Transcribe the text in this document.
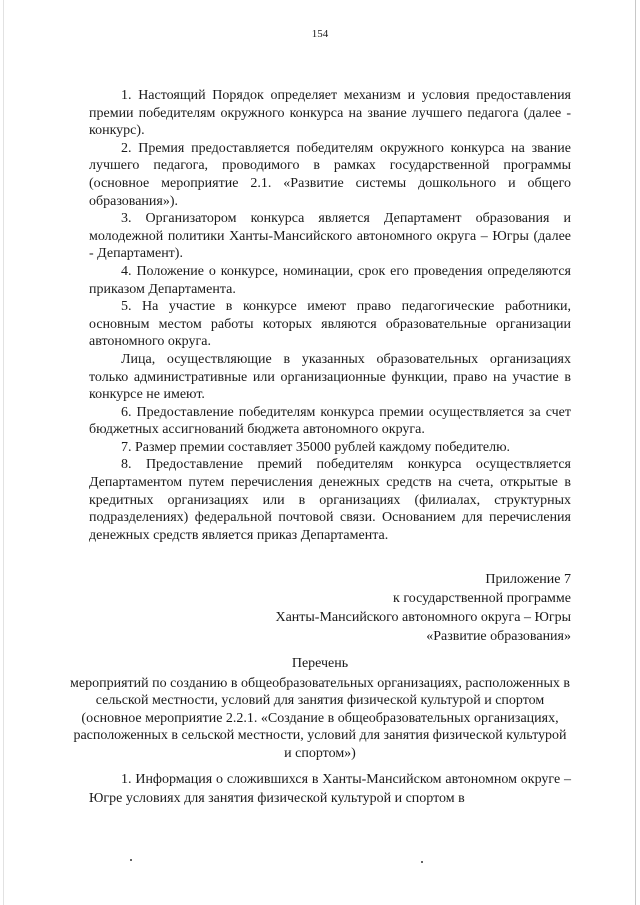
154

1. Настоящий Порядок определяет механизм и условия предоставления премии победителям окружного конкурса на звание лучшего педагога (далее - конкурс).

2. Премия предоставляется победителям окружного конкурса на звание лучшего педагога, проводимого в рамках государственной программы (основное мероприятие 2.1. «Развитие системы дошкольного и общего образования»).

3. Организатором конкурса является Департамент образования и молодежной политики Ханты-Мансийского автономного округа – Югры (далее - Департамент).

4. Положение о конкурсе, номинации, срок его проведения определяются приказом Департамента.

5. На участие в конкурсе имеют право педагогические работники, основным местом работы которых являются образовательные организации автономного округа.

Лица, осуществляющие в указанных образовательных организациях только административные или организационные функции, право на участие в конкурсе не имеют.

6. Предоставление победителям конкурса премии осуществляется за счет бюджетных ассигнований бюджета автономного округа.

7. Размер премии составляет 35000 рублей каждому победителю.

8. Предоставление премий победителям конкурса осуществляется Департаментом путем перечисления денежных средств на счета, открытые в кредитных организациях или в организациях (филиалах, структурных подразделениях) федеральной почтовой связи. Основанием для перечисления денежных средств является приказ Департамента.

Приложение 7
к государственной программе
Ханты-Мансийского автономного округа – Югры
«Развитие образования»
Перечень

мероприятий по созданию в общеобразовательных организациях, расположенных в сельской местности, условий для занятия физической культурой и спортом (основное мероприятие 2.2.1. «Создание в общеобразовательных организациях, расположенных в сельской местности, условий для занятия физической культурой и спортом»)

1. Информация о сложившихся в Ханты-Мансийском автономном округе – Югре условиях для занятия физической культурой и спортом в
